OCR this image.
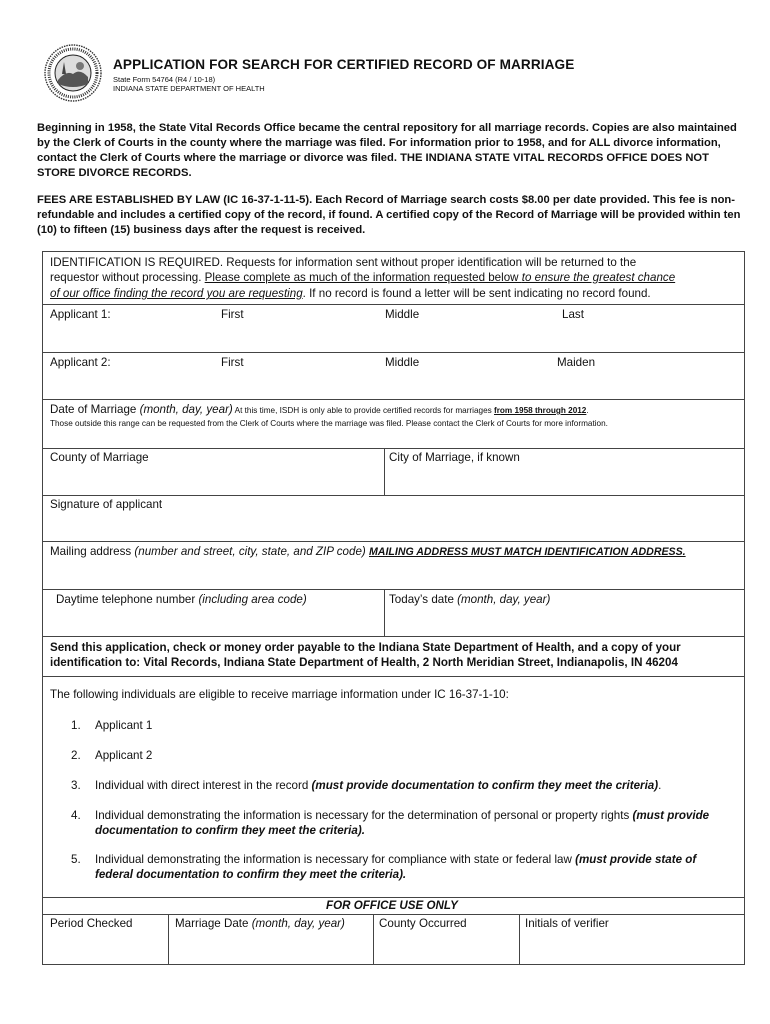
APPLICATION FOR SEARCH FOR CERTIFIED RECORD OF MARRIAGE
State Form 54764 (R4 / 10-18)
INDIANA STATE DEPARTMENT OF HEALTH
Beginning in 1958, the State Vital Records Office became the central repository for all marriage records. Copies are also maintained by the Clerk of Courts in the county where the marriage was filed. For information prior to 1958, and for ALL divorce information, contact the Clerk of Courts where the marriage or divorce was filed. THE INDIANA STATE VITAL RECORDS OFFICE DOES NOT STORE DIVORCE RECORDS.
FEES ARE ESTABLISHED BY LAW (IC 16-37-1-11-5). Each Record of Marriage search costs $8.00 per date provided. This fee is non-refundable and includes a certified copy of the record, if found. A certified copy of the Record of Marriage will be provided within ten (10) to fifteen (15) business days after the request is received.
IDENTIFICATION IS REQUIRED. Requests for information sent without proper identification will be returned to the
requestor without processing. Please complete as much of the information requested below to ensure the greatest chance
of our office finding the record you are requesting. If no record is found a letter will be sent indicating no record found.
Applicant 1:	First	Middle	Last
Applicant 2:	First	Middle	Maiden
Date of Marriage (month, day, year) At this time, ISDH is only able to provide certified records for marriages from 1958 through 2012.
Those outside this range can be requested from the Clerk of Courts where the marriage was filed. Please contact the Clerk of Courts for more information.
County of Marriage	City of Marriage, if known
Signature of applicant
Mailing address (number and street, city, state, and ZIP code) MAILING ADDRESS MUST MATCH IDENTIFICATION ADDRESS.
Daytime telephone number (including area code)	Today’s date (month, day, year)
Send this application, check or money order payable to the Indiana State Department of Health, and a copy of your
identification to: Vital Records, Indiana State Department of Health, 2 North Meridian Street, Indianapolis, IN 46204
The following individuals are eligible to receive marriage information under IC 16-37-1-10:
1. Applicant 1
2. Applicant 2
3. Individual with direct interest in the record (must provide documentation to confirm they meet the criteria).
4. Individual demonstrating the information is necessary for the determination of personal or property rights (must provide documentation to confirm they meet the criteria).
5. Individual demonstrating the information is necessary for compliance with state or federal law (must provide state of federal documentation to confirm they meet the criteria).
FOR OFFICE USE ONLY
Period Checked	Marriage Date (month, day, year)	County Occurred	Initials of verifier
